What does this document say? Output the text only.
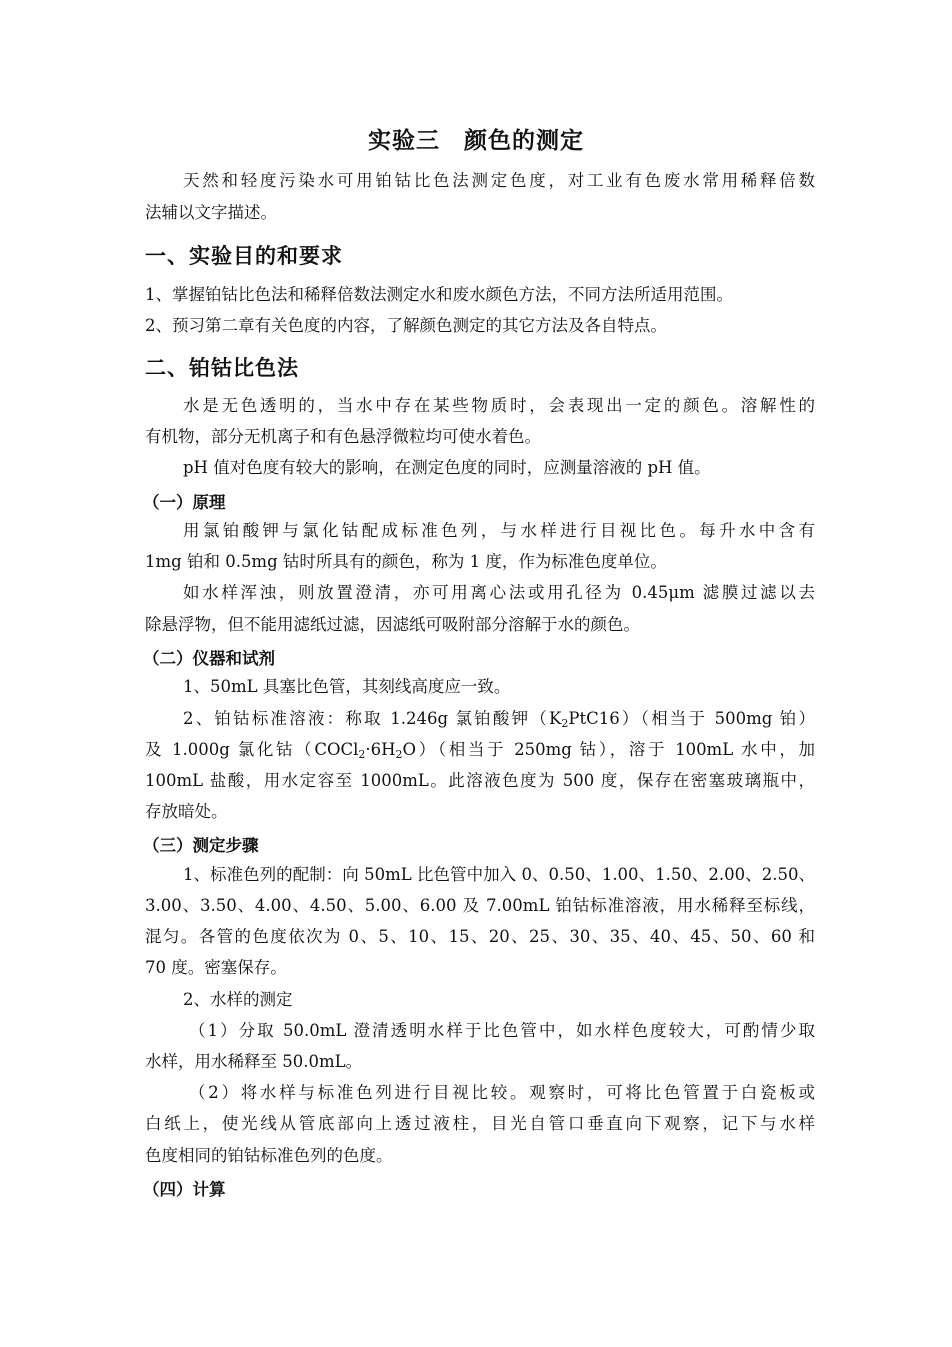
实验三　颜色的测定
天然和轻度污染水可用铂钴比色法测定色度，对工业有色废水常用稀释倍数
法辅以文字描述。
一、实验目的和要求
1、掌握铂钴比色法和稀释倍数法测定水和废水颜色方法，不同方法所适用范围。
2、预习第二章有关色度的内容，了解颜色测定的其它方法及各自特点。
二、铂钴比色法
水是无色透明的，当水中存在某些物质时，会表现出一定的颜色。溶解性的
有机物，部分无机离子和有色悬浮微粒均可使水着色。
pH 值对色度有较大的影响，在测定色度的同时，应测量溶液的 pH 值。
（一）原理
用氯铂酸钾与氯化钴配成标准色列，与水样进行目视比色。每升水中含有
1mg 铂和 0.5mg 钴时所具有的颜色，称为 1 度，作为标准色度单位。
如水样浑浊，则放置澄清，亦可用离心法或用孔径为 0.45μm 滤膜过滤以去
除悬浮物，但不能用滤纸过滤，因滤纸可吸附部分溶解于水的颜色。
（二）仪器和试剂
1、50mL 具塞比色管，其刻线高度应一致。
2、铂钴标准溶液：称取 1.246g 氯铂酸钾$(K_2PtC16)$（相当于 500mg 铂）
及 1.000g 氯化钴$(COCl_2\cdot 6H_2O)$（相当于 250mg 钴），溶于 100mL 水中，加
100mL 盐酸，用水定容至 1000mL。此溶液色度为 500 度，保存在密塞玻璃瓶中，
存放暗处。
（三）测定步骤
1、标准色列的配制：向 50mL 比色管中加入 0、0.50、1.00、1.50、2.00、2.50、
3.00、3.50、4.00、4.50、5.00、6.00 及 7.00mL 铂钴标准溶液，用水稀释至标线，
混匀。各管的色度依次为 0、5、10、15、20、25、30、35、40、45、50、60 和
70 度。密塞保存。
2、水样的测定
（1）分取 50.0mL 澄清透明水样于比色管中，如水样色度较大，可酌情少取
水样，用水稀释至 50.0mL。
（2）将水样与标准色列进行目视比较。观察时，可将比色管置于白瓷板或
白纸上，使光线从管底部向上透过液柱，目光自管口垂直向下观察，记下与水样
色度相同的铂钴标准色列的色度。
（四）计算
